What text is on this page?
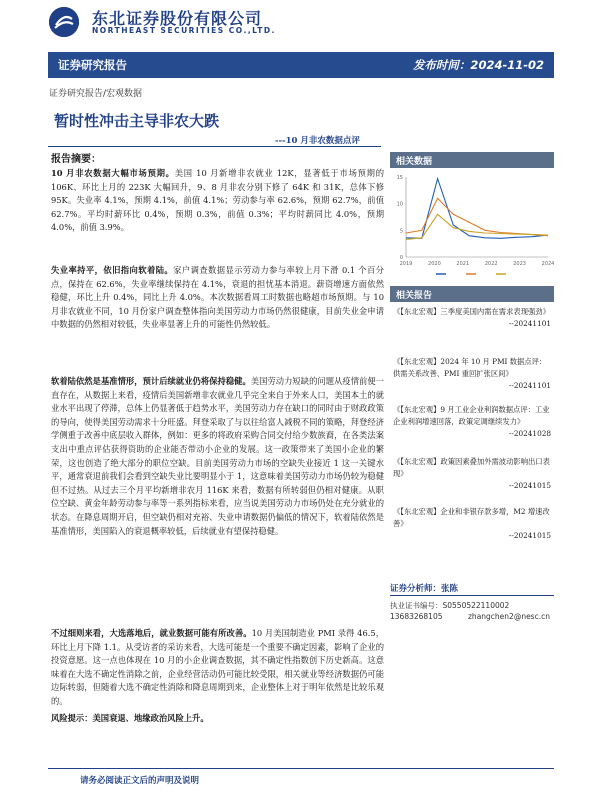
东北证券股份有限公司
NORTHEAST SECURITIES CO.,LTD.
证券研究报告	发布时间：2024-11-02
证券研究报告/宏观数据
暂时性冲击主导非农大跌
---10 月非农数据点评
报告摘要：
10 月非农数据大幅市场预期。美国 10 月新增非农就业 12K，显著低于市场预期的 106K、环比上月的 223K 大幅回升，9、8 月非农分别下修了 64K 和 31K，总体下修 95K。失业率 4.1%，预期 4.1%，前值 4.1%；劳动参与率 62.6%，预期 62.7%，前值 62.7%。平均时薪环比 0.4%，预期 0.3%，前值 0.3%；平均时薪同比 4.0%，预期 4.0%，前值 3.9%。
失业率持平，依旧指向软着陆。家户调查数据显示劳动力参与率较上月下滑 0.1 个百分点，保持在 62.6%，失业率继续保持在 4.1%，衰退的担忧基本消退。薪资增速方面依然稳健，环比上升 0.4%，同比上升 4.0%。本次数据看周工时数据也略超市场预期。与 10 月非农就业不同，10 月份家户调查整体指向美国劳动力市场仍然很健康，目前失业金申请中数据的仍然相对较低，失业率显著上升的可能性仍然较低。
软着陆依然是基准情形，预计后续就业仍将保持稳健。美国劳动力短缺的问题从疫情前便一直存在，从数据上来看，疫情后美国新增非农就业几乎完全来自于外来人口，美国本土的就业水平出现了停滞，总体上仍显著低于趋势水平，美国劳动力存在缺口的同时由于财政政策的导向，使得美国劳动需求十分旺盛。拜登采取了与以往给富人减税不同的策略，拜登经济学侧重于改善中底层收入群体，例如：更多的将政府采购合同交付给少数族裔，在各类法案支出中重点评估获得资助的企业能否带动小企业的发展。这一政策带来了美国小企业的繁荣，这也创造了绝大部分的职位空缺。目前美国劳动力市场的空缺失业接近 1 这一关键水平，通常衰退前我们会看到空缺失业比要明显小于 1，这意味着美国劳动力市场仍较为稳健但不过热。从过去三个月平均新增非农月 116K 来看，数据有所转弱但仍相对健康。从职位空缺、黄金年龄劳动参与率等一系列指标来看，应当说美国劳动力市场仍处在充分就业的状态。在降息周期开启，但空缺仍相对充裕、失业申请数据仍偏低的情况下，软着陆依然是基准情形，美国陷入的衰退概率较低，后续就业有望保持稳健。
不过细则来看，大选落地后，就业数据可能有所改善。10 月美国制造业 PMI 录得 46.5，环比上月下降 1.1。从受访者的采访来看，大选可能是一个重要不确定因素，影响了企业的投资意愿。这一点也体现在 10 月的小企业调查数据，其不确定性指数创下历史新高。这意味着在大选不确定性消除之前，企业经营活动仍可能比较受限，相关就业等经济数据仍可能边际转弱，但随着大选不确定性消除和降息周期到来，企业整体上对于明年依然是比较乐观的。
风险提示：美国衰退、地缘政治风险上升。
相关数据
0
5
10
15
2019	2020	2021	2022	2023	2024
相关报告
《【东北宏观】三季度美国内需在需求表现强劲》
--20241101
《【东北宏观】2024 年 10 月 PMI 数据点评：供需关系改善、PMI 重回扩张区间》
--20241101
《【东北宏观】9 月工业企业利润数据点评：工业企业利润增速回落，政策定调继续发力》
--20241028
《【东北宏观】政策因素叠加外需波动影响出口表现》
--20241015
《【东北宏观】企业和非银存款多增，M2 增速改善》
--20241015
证券分析师：张陈
执业证书编号：S0550522110002
13683268105	zhangchen2@nesc.cn
请务必阅读正文后的声明及说明
